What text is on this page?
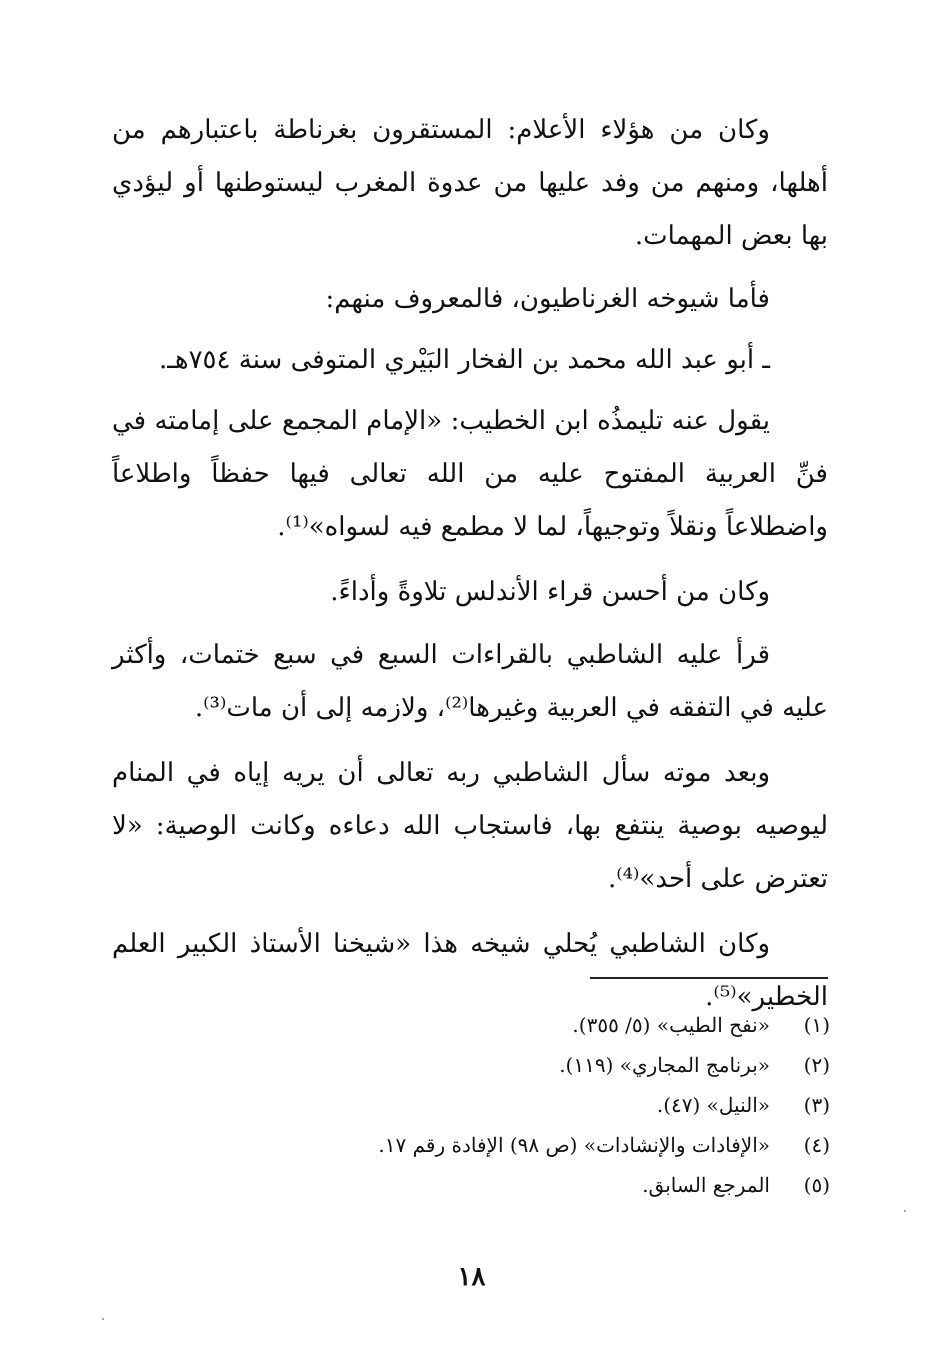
وكان من هؤلاء الأعلام: المستقرون بغرناطة باعتبارهم من أهلها، ومنهم من وفد عليها من عدوة المغرب ليستوطنها أو ليؤدي بها بعض المهمات.

فأما شيوخه الغرناطيون، فالمعروف منهم:

ـ أبو عبد الله محمد بن الفخار البَيْري المتوفى سنة ٧٥٤هـ.

يقول عنه تليمذُه ابن الخطيب: «الإمام المجمع على إمامته في فنِّ العربية المفتوح عليه من الله تعالى فيها حفظاً واطلاعاً واضطلاعاً ونقلاً وتوجيهاً، لما لا مطمع فيه لسواه»⁽¹⁾.

وكان من أحسن قراء الأندلس تلاوةً وأداءً.

قرأ عليه الشاطبي بالقراءات السبع في سبع ختمات، وأكثر عليه في التفقه في العربية وغيرها⁽²⁾، ولازمه إلى أن مات⁽³⁾.

وبعد موته سأل الشاطبي ربه تعالى أن يريه إياه في المنام ليوصيه بوصية ينتفع بها، فاستجاب الله دعاءه وكانت الوصية: «لا تعترض على أحد»⁽⁴⁾.

وكان الشاطبي يُحلي شيخه هذا «شيخنا الأستاذ الكبير العلم الخطير»⁽⁵⁾.

(١)
«نفح الطيب» (٥/ ٣٥٥).
(٢)
«برنامج المجاري» (١١٩).
(٣)
«النيل» (٤٧).
(٤)
«الإفادات والإنشادات» (ص ٩٨) الإفادة رقم ١٧.
(٥)
المرجع السابق.
١٨
